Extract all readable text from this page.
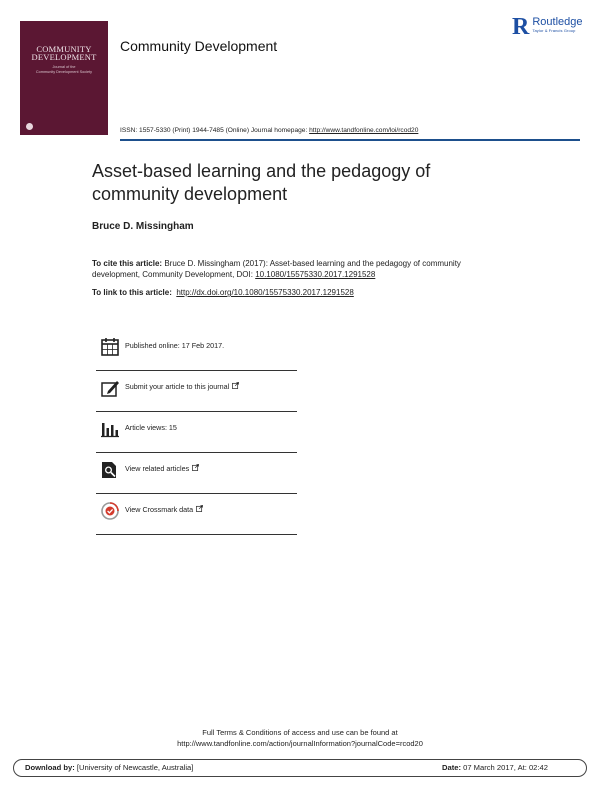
COMMUNITY
DEVELOPMENT
Journal of the
Community Development Society
Community Development
R Routledge
Taylor & Francis Group
ISSN: 1557-5330 (Print) 1944-7485 (Online) Journal homepage: http://www.tandfonline.com/loi/rcod20
Asset-based learning and the pedagogy of community development
Bruce D. Missingham
To cite this article: Bruce D. Missingham (2017): Asset-based learning and the pedagogy of community development, Community Development, DOI: 10.1080/15575330.2017.1291528
To link to this article: http://dx.doi.org/10.1080/15575330.2017.1291528
Published online: 17 Feb 2017.
Submit your article to this journal
Article views: 15
View related articles
View Crossmark data
Full Terms & Conditions of access and use can be found at
http://www.tandfonline.com/action/journalInformation?journalCode=rcod20
Download by: [University of Newcastle, Australia]	Date: 07 March 2017, At: 02:42
